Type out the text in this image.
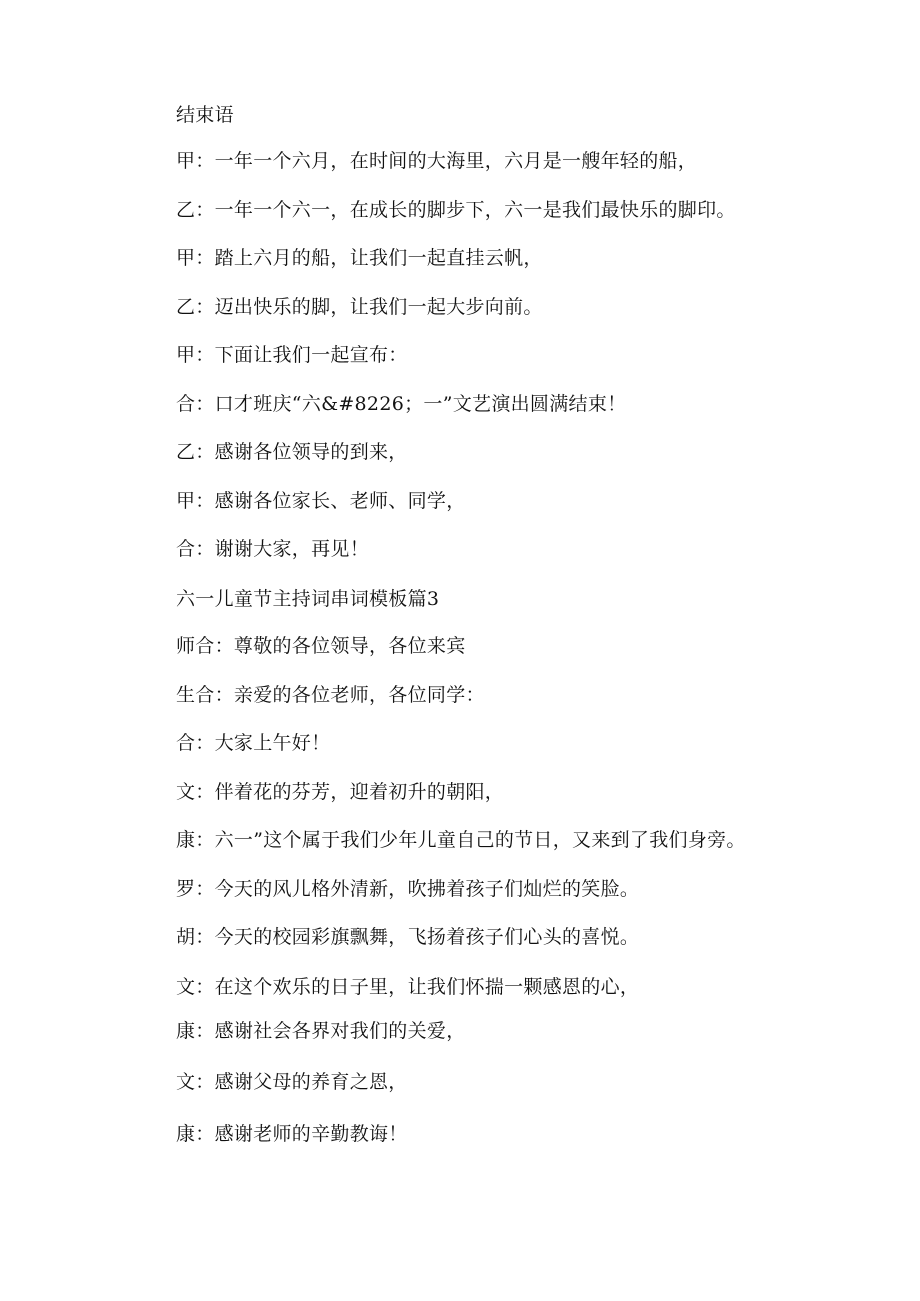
结束语

甲：一年一个六月，在时间的大海里，六月是一艘年轻的船，

乙：一年一个六一，在成长的脚步下，六一是我们最快乐的脚印。

甲：踏上六月的船，让我们一起直挂云帆，

乙：迈出快乐的脚，让我们一起大步向前。

甲：下面让我们一起宣布：

合：口才班庆“六&#8226；一”文艺演出圆满结束！

乙：感谢各位领导的到来，

甲：感谢各位家长、老师、同学，

合：谢谢大家，再见！

六一儿童节主持词串词模板篇3

师合：尊敬的各位领导，各位来宾

生合：亲爱的各位老师，各位同学：

合：大家上午好！

文：伴着花的芬芳，迎着初升的朝阳，

康：六一”这个属于我们少年儿童自己的节日，又来到了我们身旁。

罗：今天的风儿格外清新，吹拂着孩子们灿烂的笑脸。

胡：今天的校园彩旗飘舞，飞扬着孩子们心头的喜悦。

文：在这个欢乐的日子里，让我们怀揣一颗感恩的心，

康：感谢社会各界对我们的关爱，

文：感谢父母的养育之恩，

康：感谢老师的辛勤教诲！
